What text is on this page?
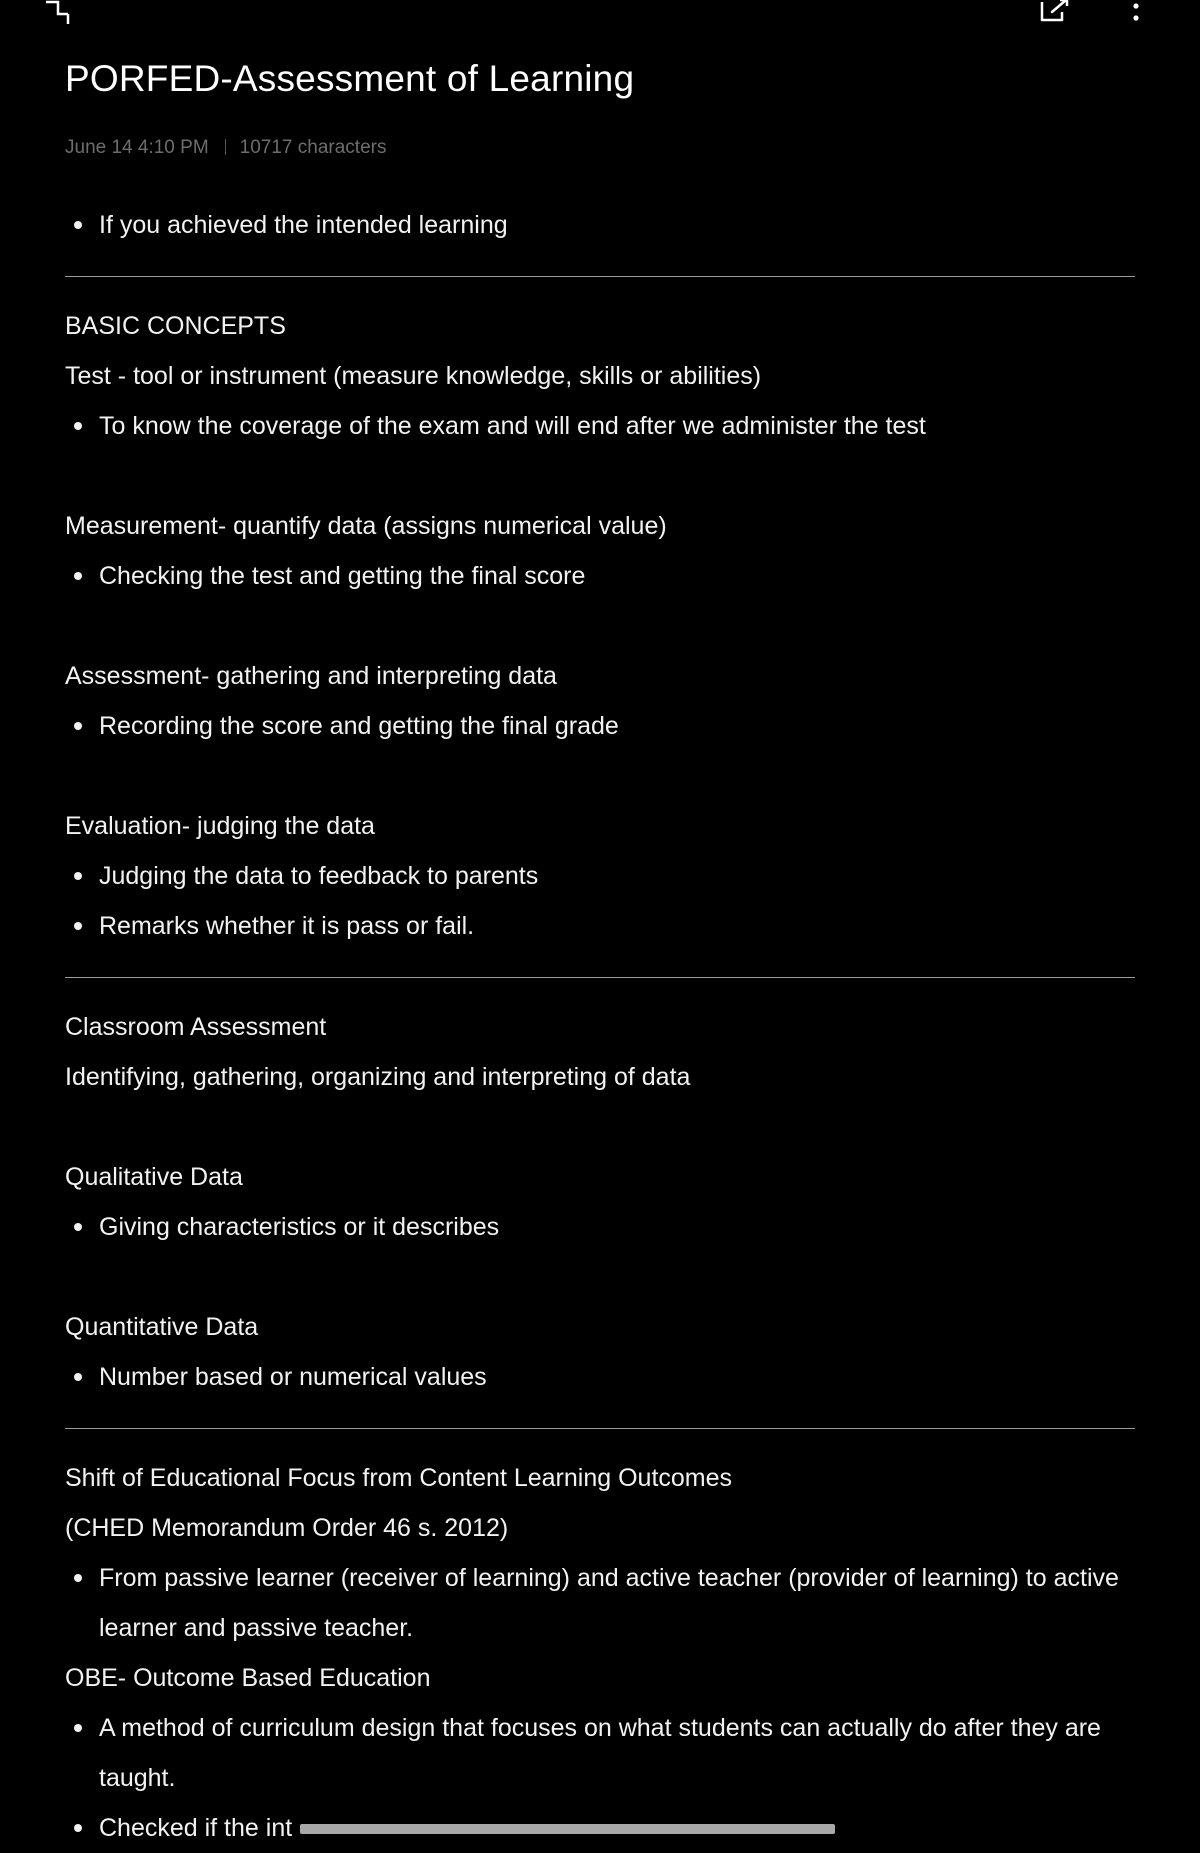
PORFED-Assessment of Learning
June 14 4:10 PM 10717 characters

If you achieved the intended learning

BASIC CONCEPTS

Test - tool or instrument (measure knowledge, skills or abilities)

To know the coverage of the exam and will end after we administer the test

Measurement- quantify data (assigns numerical value)

Checking the test and getting the final score

Assessment- gathering and interpreting data

Recording the score and getting the final grade

Evaluation- judging the data

Judging the data to feedback to parents

Remarks whether it is pass or fail.

Classroom Assessment

Identifying, gathering, organizing and interpreting of data

Qualitative Data

Giving characteristics or it describes

Quantitative Data

Number based or numerical values

Shift of Educational Focus from Content Learning Outcomes

(CHED Memorandum Order 46 s. 2012)

From passive learner (receiver of learning) and active teacher (provider of learning) to active learner and passive teacher.

OBE- Outcome Based Education

A method of curriculum design that focuses on what students can actually do after they are taught.

Checked if the int
